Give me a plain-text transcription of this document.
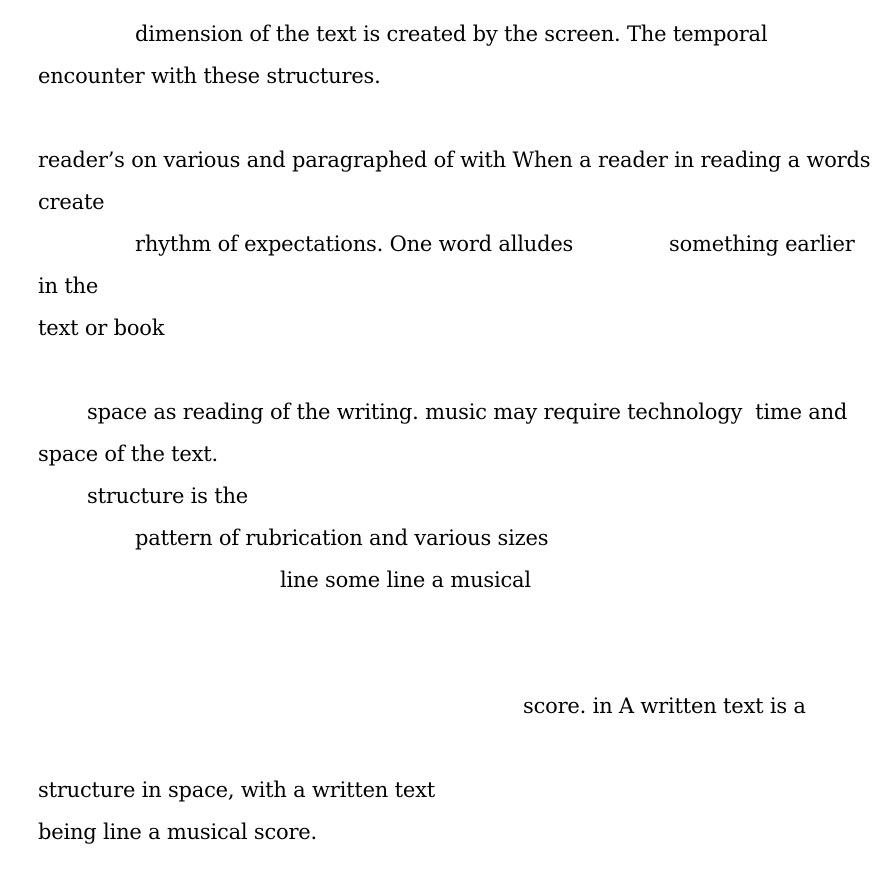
dimension of the text is created by the screen. The temporal

encounter with these structures.

reader’s on various and paragraphed of with When a reader in reading a words

create

rhythm of expectations. One word alludes	something earlier

in the

text or book

space as reading of the writing. music may require technology  time and

space of the text.

structure is the

pattern of rubrication and various sizes

line some line a musical

score. in A written text is a

structure in space, with a written text

being line a musical score.
